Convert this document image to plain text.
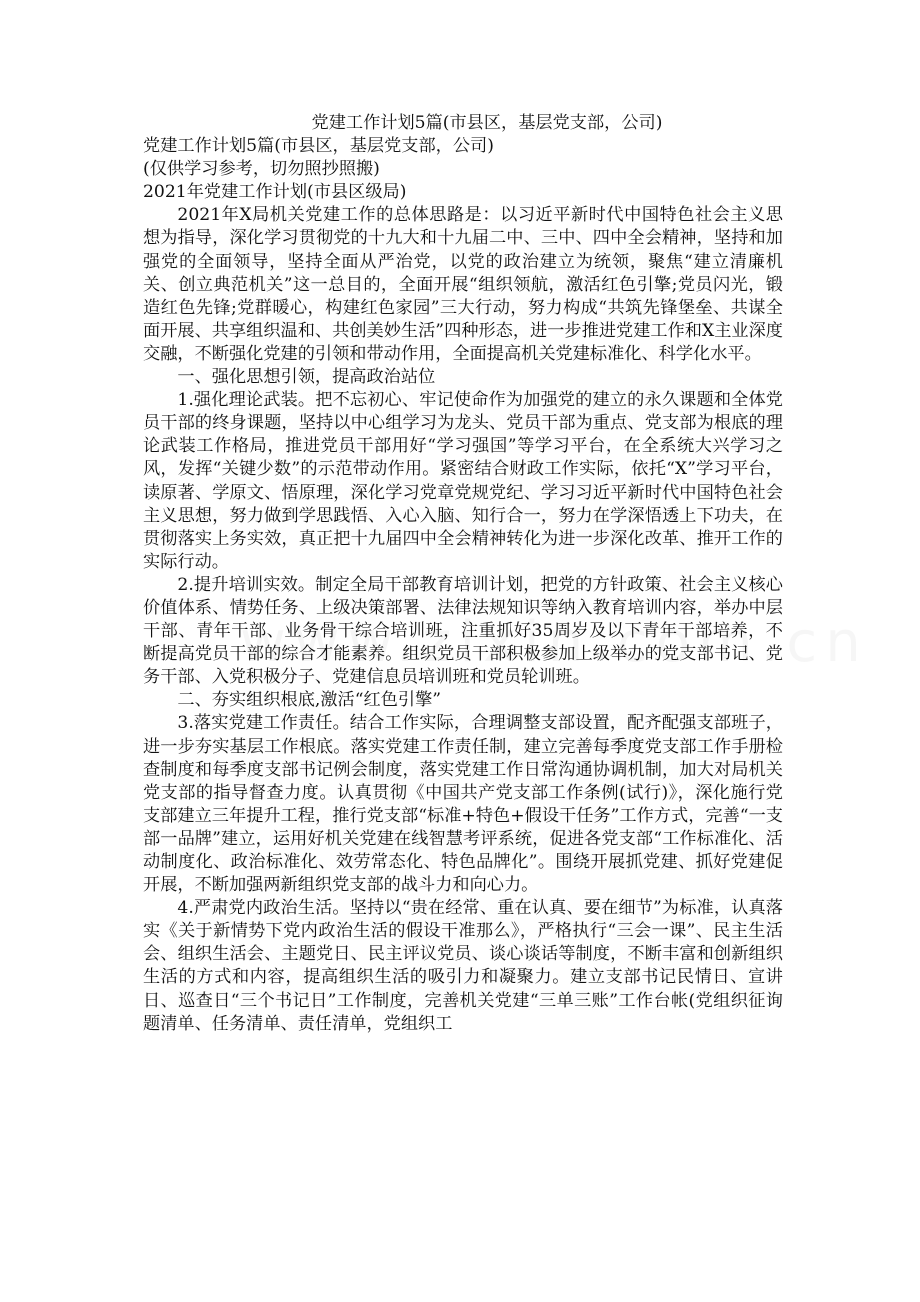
党建工作计划5篇(市县区，基层党支部，公司)

党建工作计划5篇(市县区，基层党支部，公司)

(仅供学习参考，切勿照抄照搬)

2021年党建工作计划(市县区级局)

2021年X局机关党建工作的总体思路是：以习近平新时代中国特色社会主义思想为指导，深化学习贯彻党的十九大和十九届二中、三中、四中全会精神，坚持和加强党的全面领导，坚持全面从严治党，以党的政治建立为统领，聚焦“建立清廉机关、创立典范机关”这一总目的，全面开展“组织领航，激活红色引擎;党员闪光，锻造红色先锋;党群暖心，构建红色家园”三大行动，努力构成“共筑先锋堡垒、共谋全面开展、共享组织温和、共创美妙生活”四种形态，进一步推进党建工作和X主业深度交融，不断强化党建的引领和带动作用，全面提高机关党建标准化、科学化水平。

一、强化思想引领，提高政治站位

1.强化理论武装。把不忘初心、牢记使命作为加强党的建立的永久课题和全体党员干部的终身课题，坚持以中心组学习为龙头、党员干部为重点、党支部为根底的理论武装工作格局，推进党员干部用好“学习强国”等学习平台，在全系统大兴学习之风，发挥“关键少数”的示范带动作用。紧密结合财政工作实际，依托“X”学习平台，读原著、学原文、悟原理，深化学习党章党规党纪、学习习近平新时代中国特色社会主义思想，努力做到学思践悟、入心入脑、知行合一，努力在学深悟透上下功夫，在贯彻落实上务实效，真正把十九届四中全会精神转化为进一步深化改革、推开工作的实际行动。

2.提升培训实效。制定全局干部教育培训计划，把党的方针政策、社会主义核心价值体系、情势任务、上级决策部署、法律法规知识等纳入教育培训内容，举办中层干部、青年干部、业务骨干综合培训班，注重抓好35周岁及以下青年干部培养，不断提高党员干部的综合才能素养。组织党员干部积极参加上级举办的党支部书记、党务干部、入党积极分子、党建信息员培训班和党员轮训班。

二、夯实组织根底,激活“红色引擎”

3.落实党建工作责任。结合工作实际，合理调整支部设置，配齐配强支部班子，进一步夯实基层工作根底。落实党建工作责任制，建立完善每季度党支部工作手册检查制度和每季度支部书记例会制度，落实党建工作日常沟通协调机制，加大对局机关党支部的指导督查力度。认真贯彻《中国共产党支部工作条例(试行)》，深化施行党支部建立三年提升工程，推行党支部“标准+特色+假设干任务”工作方式，完善“一支部一品牌”建立，运用好机关党建在线智慧考评系统，促进各党支部“工作标准化、活动制度化、政治标准化、效劳常态化、特色品牌化”。围绕开展抓党建、抓好党建促开展，不断加强两新组织党支部的战斗力和向心力。

4.严肃党内政治生活。坚持以“贵在经常、重在认真、要在细节”为标准，认真落实《关于新情势下党内政治生活的假设干准那么》，严格执行“三会一课”、民主生活会、组织生活会、主题党日、民主评议党员、谈心谈话等制度，不断丰富和创新组织生活的方式和内容，提高组织生活的吸引力和凝聚力。建立支部书记民情日、宣讲日、巡查日“三个书记日”工作制度，完善机关党建“三单三账”工作台帐(党组织征询题清单、任务清单、责任清单，党组织工
